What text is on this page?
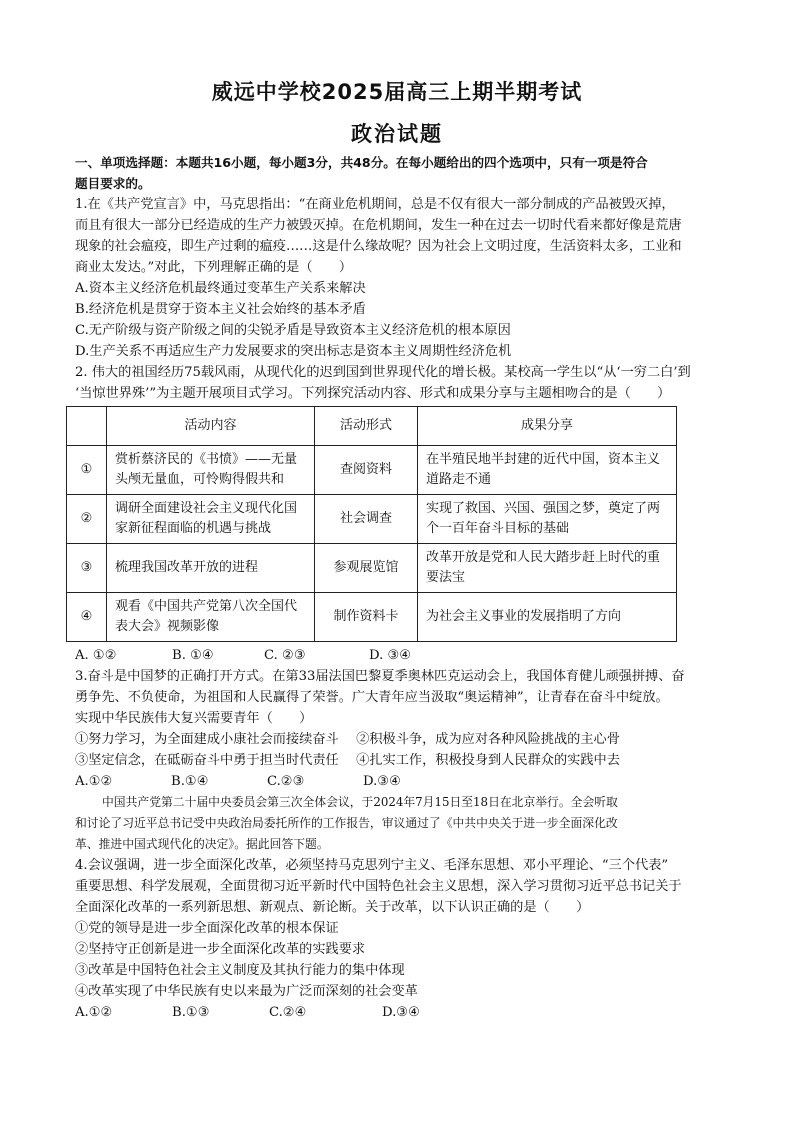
威远中学校2025届高三上期半期考试
政治试题
一、单项选择题：本题共16小题，每小题3分，共48分。在每小题给出的四个选项中，只有一项是符合
题目要求的。
1.在《共产党宣言》中，马克思指出：“在商业危机期间，总是不仅有很大一部分制成的产品被毁灭掉，
而且有很大一部分已经造成的生产力被毁灭掉。在危机期间，发生一种在过去一切时代看来都好像是荒唐
现象的社会瘟疫，即生产过剩的瘟疫……这是什么缘故呢？因为社会上文明过度，生活资料太多，工业和
商业太发达。”对此，下列理解正确的是（　　）
A.资本主义经济危机最终通过变革生产关系来解决
B.经济危机是贯穿于资本主义社会始终的基本矛盾
C.无产阶级与资产阶级之间的尖锐矛盾是导致资本主义经济危机的根本原因
D.生产关系不再适应生产力发展要求的突出标志是资本主义周期性经济危机
2. 伟大的祖国经历75载风雨，从现代化的迟到国到世界现代化的增长极。某校高一学生以“从‘一穷二白’到
‘当惊世界殊’”为主题开展项目式学习。下列探究活动内容、形式和成果分享与主题相吻合的是（　　）
	活动内容	活动形式	成果分享
①	赏析蔡济民的《书愤》——无量头颅无量血，可怜购得假共和	查阅资料	在半殖民地半封建的近代中国，资本主义道路走不通
②	调研全面建设社会主义现代化国家新征程面临的机遇与挑战	社会调查	实现了救国、兴国、强国之梦，奠定了两个一百年奋斗目标的基础
③	梳理我国改革开放的进程	参观展览馆	改革开放是党和人民大踏步赶上时代的重要法宝
④	观看《中国共产党第八次全国代表大会》视频影像	制作资料卡	为社会主义事业的发展指明了方向
A. ①②	B. ①④	C. ②③	D. ③④
3.奋斗是中国梦的正确打开方式。在第33届法国巴黎夏季奥林匹克运动会上，我国体育健儿顽强拼搏、奋
勇争先、不负使命，为祖国和人民赢得了荣誉。广大青年应当汲取“奥运精神”，让青春在奋斗中绽放。
实现中华民族伟大复兴需要青年（　　）
①努力学习，为全面建成小康社会而接续奋斗　 ②积极斗争，成为应对各种风险挑战的主心骨
③坚定信念，在砥砺奋斗中勇于担当时代责任　 ④扎实工作，积极投身到人民群众的实践中去
A.①②	B.①④	C.②③	D.③④
中国共产党第二十届中央委员会第三次全体会议，于2024年7月15日至18日在北京举行。全会听取
和讨论了习近平总书记受中央政治局委托所作的工作报告，审议通过了《中共中央关于进一步全面深化改
革、推进中国式现代化的决定》。据此回答下题。
4.会议强调，进一步全面深化改革，必须坚持马克思列宁主义、毛泽东思想、邓小平理论、“三个代表”
重要思想、科学发展观，全面贯彻习近平新时代中国特色社会主义思想，深入学习贯彻习近平总书记关于
全面深化改革的一系列新思想、新观点、新论断。关于改革，以下认识正确的是（　　）
①党的领导是进一步全面深化改革的根本保证
②坚持守正创新是进一步全面深化改革的实践要求
③改革是中国特色社会主义制度及其执行能力的集中体现
④改革实现了中华民族有史以来最为广泛而深刻的社会变革
A.①②	B.①③	C.②④	D.③④
